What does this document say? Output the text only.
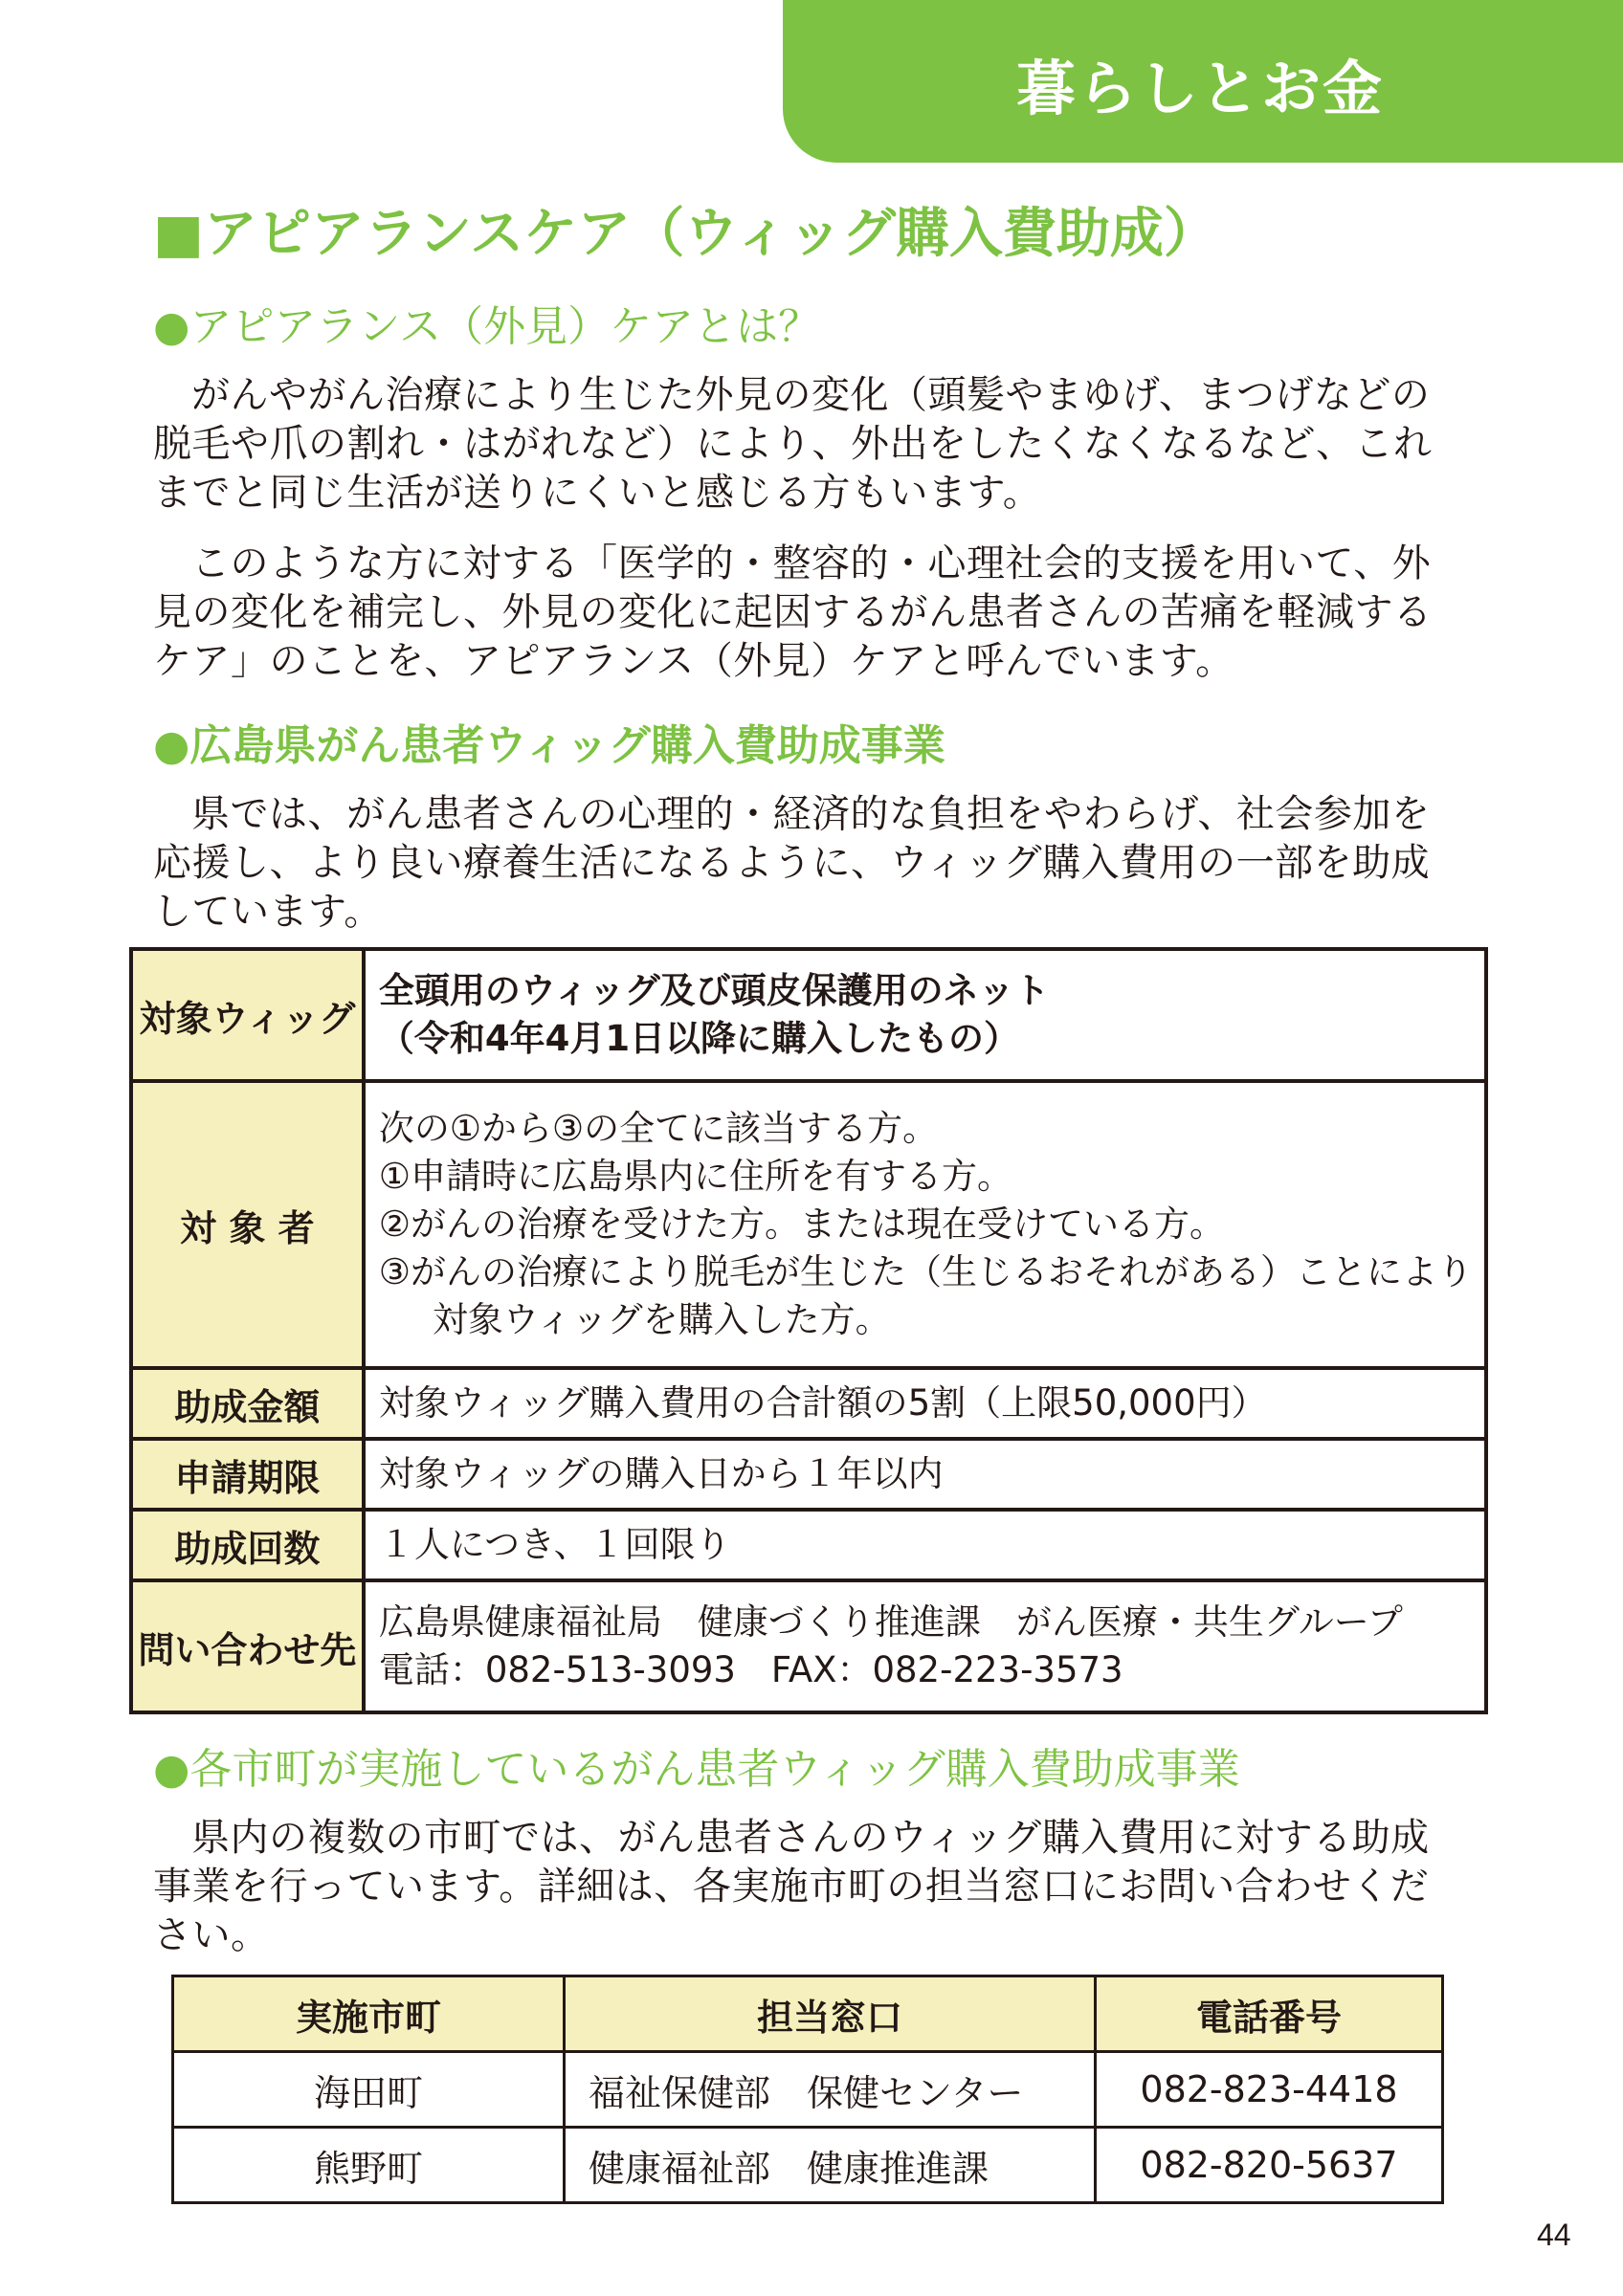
暮らしとお金
■アピアランスケア（ウィッグ購入費助成）
●アピアランス（外見）ケアとは？

がんやがん治療により生じた外見の変化（頭髪やまゆげ、まつげなどの脱毛や爪の割れ・はがれなど）により、外出をしたくなくなるなど、これまでと同じ生活が送りにくいと感じる方もいます。

このような方に対する「医学的・整容的・心理社会的支援を用いて、外見の変化を補完し、外見の変化に起因するがん患者さんの苦痛を軽減するケア」のことを、アピアランス（外見）ケアと呼んでいます。

●広島県がん患者ウィッグ購入費助成事業

県では、がん患者さんの心理的・経済的な負担をやわらげ、社会参加を応援し、より良い療養生活になるように、ウィッグ購入費用の一部を助成しています。

対象ウィッグ	全頭用のウィッグ及び頭皮保護用のネット
（令和4年4月1日以降に購入したもの）

対 象 者	次の①から③の全てに該当する方。
①申請時に広島県内に住所を有する方。
②がんの治療を受けた方。または現在受けている方。
③がんの治療により脱毛が生じた（生じるおそれがある）ことにより
対象ウィッグを購入した方。

助成金額	対象ウィッグ購入費用の合計額の5割（上限50,000円）
申請期限	対象ウィッグの購入日から１年以内
助成回数	１人につき、１回限り
問い合わせ先	広島県健康福祉局　健康づくり推進課　がん医療・共生グループ
電話：082-513-3093　FAX：082-223-3573
●各市町が実施しているがん患者ウィッグ購入費助成事業

県内の複数の市町では、がん患者さんのウィッグ購入費用に対する助成事業を行っています。詳細は、各実施市町の担当窓口にお問い合わせください。

実施市町	担当窓口	電話番号
海田町	福祉保健部　保健センター	082-823-4418
熊野町	健康福祉部　健康推進課	082-820-5637
44
